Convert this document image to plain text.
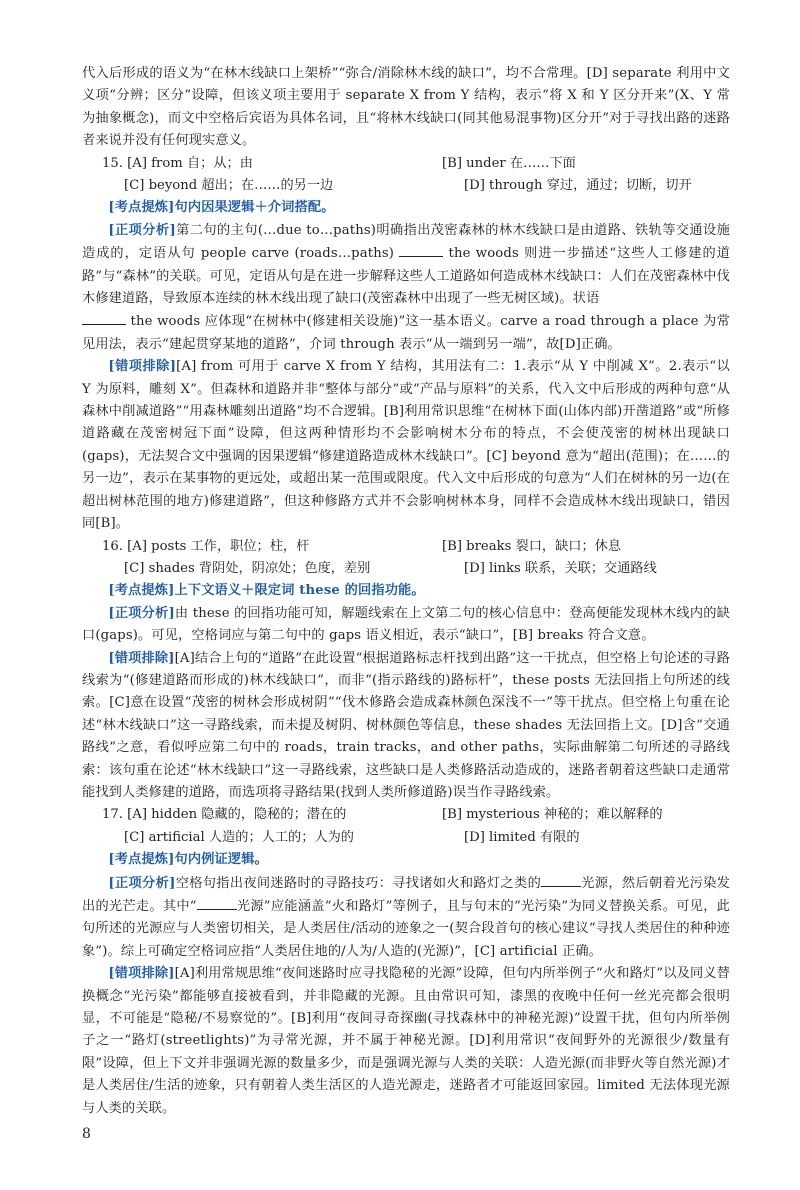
代入后形成的语义为“在林木线缺口上架桥”“弥合/消除林木线的缺口”，均不合常理。[D] separate 利用中文义项“分辨；区分”设障，但该义项主要用于 separate X from Y 结构，表示“将 X 和 Y 区分开来”(X、Y 常为抽象概念)，而文中空格后宾语为具体名词，且“将林木线缺口(同其他易混事物)区分开”对于寻找出路的迷路者来说并没有任何现实意义。

15. [A] from 自；从；由	[B] under 在……下面
[C] beyond 超出；在……的另一边	[D] through 穿过，通过；切断，切开

[考点提炼]句内因果逻辑＋介词搭配。

[正项分析]第二句的主句(…due to…paths)明确指出茂密森林的林木线缺口是由道路、铁轨等交通设施造成的，定语从句 people carve (roads…paths)	the woods 则进一步描述“这些人工修建的道路”与“森林”的关联。可见，定语从句是在进一步解释这些人工道路如何造成林木线缺口：人们在茂密森林中伐木修建道路，导致原本连续的林木线出现了缺口(茂密森林中出现了一些无树区域)。状语
the woods 应体现“在树林中(修建相关设施)”这一基本语义。carve a road through a place 为常见用法，表示“建起贯穿某地的道路”，介词 through 表示“从一端到另一端”，故[D]正确。

[错项排除][A] from 可用于 carve X from Y 结构，其用法有二：1.表示“从 Y 中削减 X”。2.表示“以 Y 为原料，雕刻 X”。但森林和道路并非“整体与部分”或“产品与原料”的关系，代入文中后形成的两种句意“从森林中削减道路”“用森林雕刻出道路”均不合逻辑。[B]利用常识思维“在树林下面(山体内部)开凿道路”或“所修道路藏在茂密树冠下面”设障，但这两种情形均不会影响树木分布的特点，不会使茂密的树林出现缺口(gaps)，无法契合文中强调的因果逻辑“修建道路造成林木线缺口”。[C] beyond 意为“超出(范围)；在……的另一边”，表示在某事物的更远处，或超出某一范围或限度。代入文中后形成的句意为“人们在树林的另一边(在超出树林范围的地方)修建道路”，但这种修路方式并不会影响树林本身，同样不会造成林木线出现缺口，错因同[B]。

16. [A] posts 工作，职位；柱，杆	[B] breaks 裂口，缺口；休息
[C] shades 背阴处，阴凉处；色度，差别	[D] links 联系，关联；交通路线

[考点提炼]上下文语义＋限定词 these 的回指功能。

[正项分析]由 these 的回指功能可知，解题线索在上文第二句的核心信息中：登高便能发现林木线内的缺口(gaps)。可见，空格词应与第二句中的 gaps 语义相近，表示“缺口”，[B] breaks 符合文意。

[错项排除][A]结合上句的“道路”在此设置“根据道路标志杆找到出路”这一干扰点，但空格上句论述的寻路线索为“(修建道路而形成的)林木线缺口”，而非“(指示路线的)路标杆”，these posts 无法回指上句所述的线索。[C]意在设置“茂密的树林会形成树阴”“伐木修路会造成森林颜色深浅不一”等干扰点。但空格上句重在论述“林木线缺口”这一寻路线索，而未提及树阴、树林颜色等信息，these shades 无法回指上文。[D]含“交通路线”之意，看似呼应第二句中的 roads，train tracks，and other paths，实际曲解第二句所述的寻路线索：该句重在论述“林木线缺口”这一寻路线索，这些缺口是人类修路活动造成的，迷路者朝着这些缺口走通常能找到人类修建的道路，而选项将寻路结果(找到人类所修道路)误当作寻路线索。

17. [A] hidden 隐藏的，隐秘的；潜在的	[B] mysterious 神秘的；难以解释的
[C] artificial 人造的；人工的；人为的	[D] limited 有限的

[考点提炼]句内例证逻辑。

[正项分析]空格句指出夜间迷路时的寻路技巧：寻找诸如火和路灯之类的	光源，然后朝着光污染发出的光芒走。其中“	光源”应能涵盖“火和路灯”等例子，且与句末的“光污染”为同义替换关系。可见，此句所述的光源应与人类密切相关，是人类居住/活动的迹象之一(契合段首句的核心建议“寻找人类居住的种种迹象”)。综上可确定空格词应指“人类居住地的/人为/人造的(光源)”，[C] artificial 正确。

[错项排除][A]利用常规思维“夜间迷路时应寻找隐秘的光源”设障，但句内所举例子“火和路灯”以及同义替换概念“光污染”都能够直接被看到，并非隐藏的光源。且由常识可知，漆黑的夜晚中任何一丝光亮都会很明显，不可能是“隐秘/不易察觉的”。[B]利用“夜间寻奇探幽(寻找森林中的神秘光源)”设置干扰，但句内所举例子之一“路灯(streetlights)”为寻常光源，并不属于神秘光源。[D]利用常识“夜间野外的光源很少/数量有限”设障，但上下文并非强调光源的数量多少，而是强调光源与人类的关联：人造光源(而非野火等自然光源)才是人类居住/生活的迹象，只有朝着人类生活区的人造光源走，迷路者才可能返回家园。limited 无法体现光源与人类的关联。

8
